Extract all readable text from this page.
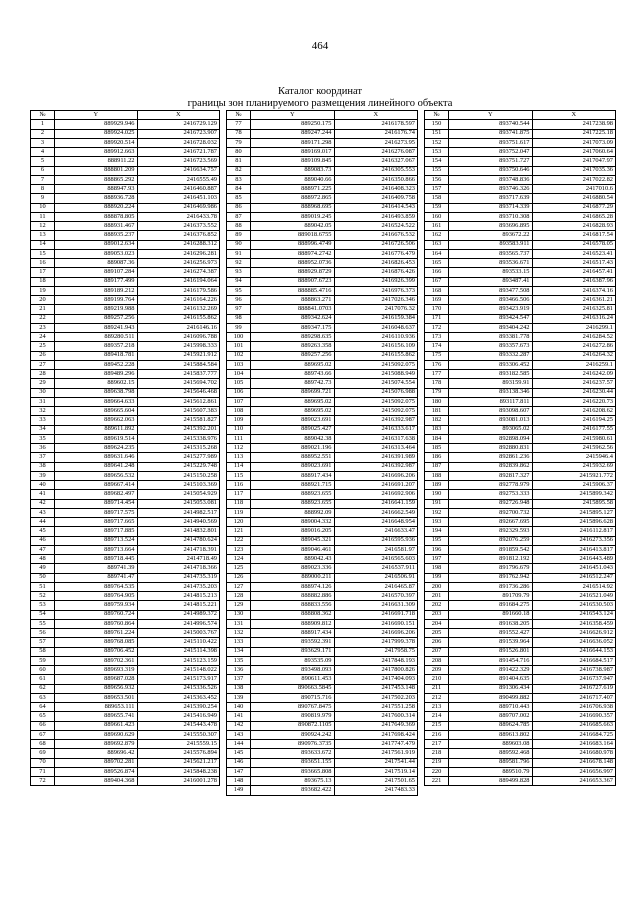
464
Каталог координат
границы зон планируемого размещения линейного объекта
№	Y	X
1	889929.946	2416729.129
2	889924.025	2416723.907
3	889920.514	2416728.032
4	889912.663	2416721.787
5	888911.22	2416723.569
6	888801.209	2416634.757
7	888865.292	2416555.49
8	888947.93	2416460.887
9	888936.728	2416451.103
10	888920.224	2416469.986
11	888878.805	2416433.78
12	888931.467	2416373.552
13	888935.237	2416376.852
14	889012.634	2416288.312
15	889053.023	2416296.281
16	889087.36	2416256.973
17	889107.284	2416274.387
18	889177.499	2416194.064
19	889189.212	2416179.586
20	889199.764	2416164.226
21	889219.988	2416132.269
22	889257.256	2416155.862
23	889241.943	2416146.16
24	889280.511	2416096.788
25	889357.218	2415998.333
26	889418.781	2415921.912
27	889452.228	2415884.584
28	889489.296	2415837.777
29	889602.15	2415694.702
30	889638.798	2415646.468
31	889664.633	2415612.861
32	889665.604	2415607.383
33	889662.063	2415581.827
34	889611.892	2415392.201
35	889619.514	2415338.976
36	889624.235	2415315.268
37	889631.646	2415277.989
38	889641.248	2415229.748
39	889656.532	2415150.258
40	889667.414	2415103.369
41	889682.497	2415054.929
42	889714.454	2415053.081
43	889717.575	2414982.517
44	889717.665	2414940.569
45	889717.885	2414832.801
46	889713.524	2414780.624
47	889713.664	2414718.391
48	889718.445	2414718.49
49	889741.39	2414718.366
50	889741.47	2414735.319
51	889764.535	2414735.203
52	889764.905	2414815.213
53	889759.934	2414815.221
54	889760.724	2414989.372
55	889760.864	2414996.574
56	889761.224	2415003.767
57	889768.085	2415110.422
58	889706.452	2415114.398
59	889702.361	2415123.159
60	889693.319	2415148.022
61	889687.028	2415173.917
62	889656.932	2415336.526
63	889653.501	2415363.452
64	889653.111	2415390.254
65	889655.741	2415416.949
66	889661.423	2415443.478
67	889690.629	2415550.307
68	889692.879	2415559.15
69	889696.42	2415576.894
70	889702.281	2415621.217
71	889526.874	2415848.238
72	889404.368	2416001.278
№	Y	X
77	889250.175	2416178.597
78	889247.244	2416176.74
79	889171.298	2416273.95
80	889169.017	2416276.087
81	889109.845	2416327.067
82	889083.73	2416305.553
83	889040.66	2416350.866
84	888971.225	2416408.323
85	888972.865	2416409.758
86	888968.695	2416414.543
87	889019.245	2416493.859
88	889042.05	2416524.522
89	889018.6755	2416676.532
90	888996.4749	2416726.506
91	888974.2742	2416776.479
92	888952.0736	2416826.453
93	888929.8729	2416876.426
94	888907.6723	2416926.399
95	888885.4716	2416976.373
96	888863.271	2417026.346
97	888841.0703	2417076.32
98	889342.624	2416159.384
99	889347.175	2416048.637
100	889298.635	2416110.936
101	889263.358	2416156.109
102	889257.256	2416155.862
103	889695.02	2415092.075
104	889743.66	2415088.949
105	889742.73	2415074.554
106	889699.721	2415076.988
107	889695.02	2415092.075
108	889695.02	2415092.075
109	889023.691	2416392.987
110	889025.427	2416333.617
111	889042.38	2416317.638
112	889021.196	2416313.464
113	888952.551	2416391.989
114	889023.691	2416392.987
115	888917.434	2416696.206
116	888921.715	2416691.207
117	888923.655	2416692.906
118	888923.655	2416641.159
119	888992.09	2416662.549
120	889004.332	2416648.954
121	889016.205	2416633.47
122	889045.321	2416595.936
123	889046.461	2416581.97
124	889042.43	2416565.603
125	889023.336	2416537.911
126	889000.211	2416506.91
127	888974.126	2416465.87
128	888882.886	2416570.397
129	888833.556	2416631.309
130	888808.362	2416691.718
131	888909.812	2416690.151
132	888917.434	2416696.206
133	893592.391	2417999.378
134	893629.171	2417958.75
135	893535.09	2417848.193
136	893498.093	2417800.826
137	890611.453	2417404.093
138	890663.5845	2417453.148
139	890715.716	2417502.203
140	890767.8475	2417551.258
141	890819.979	2417600.314
142	890872.1105	2417649.369
143	890924.242	2417698.424
144	890976.3735	2417747.479
145	893633.672	2417561.919
146	893651.155	2417541.44
147	893665.808	2417519.14
148	893675.13	2417501.65
149	893682.422	2417483.33
№	Y	X
150	893740.544	2417238.98
151	893741.875	2417225.18
152	893751.617	2417073.09
153	893752.047	2417060.64
154	893751.727	2417047.97
155	893750.646	2417035.36
156	893748.836	2417022.82
157	893746.326	2417010.6
158	893717.639	2416880.54
159	893714.339	2416877.29
160	893710.308	2416865.28
161	893696.895	2416828.93
162	893672.22	2416817.54
163	893583.911	2416578.05
164	893565.737	2416523.41
165	893536.671	2416517.43
166	893533.15	2416457.41
167	893487.41	2416387.96
168	893477.508	2416374.16
169	893466.506	2416361.21
170	893423.919	2416325.81
171	893424.547	2416316.24
172	893404.242	2416299.1
173	893381.778	2416284.52
174	893357.673	2416272.86
175	893332.287	2416264.32
176	893306.452	2416259.1
177	893182.585	2416242.09
178	893159.91	2416237.57
179	893138.346	2416230.44
180	893117.811	2416220.73
181	893098.607	2416208.62
182	893081.013	2416194.25
183	893065.02	2416177.55
184	892898.094	2415980.61
185	892880.831	2415962.56
186	892861.236	2415946.4
187	892839.862	2415932.69
188	892817.327	2415921.772
189	892778.979	2415906.37
190	892753.333	2415899.342
191	892726.948	2415895.58
192	892700.732	2415895.127
193	892667.695	2415896.628
194	892329.593	2416112.817
195	892076.259	2416273.356
196	891859.542	2416413.817
197	891812.192	2416443.489
198	891796.679	2416451.043
199	891762.942	2416512.247
200	891736.286	2416514.92
201	891709.79	2416521.049
202	891684.275	2416530.503
203	891660.18	2416543.124
204	891638.205	2416358.459
205	891552.427	2416626.912
206	891539.964	2416636.052
207	891526.801	2416644.153
208	891454.716	2416684.517
209	891422.329	2416738.987
210	891404.635	2416737.947
211	891306.434	2416727.619
212	890499.882	2416717.407
213	889710.443	2416706.938
214	889707.002	2416690.357
215	889624.785	2416685.663
216	889613.802	2416684.725
217	889603.08	2416683.164
218	889592.468	2416680.978
219	889581.796	2416678.148
220	889510.79	2416656.997
221	889499.828	2416653.367
